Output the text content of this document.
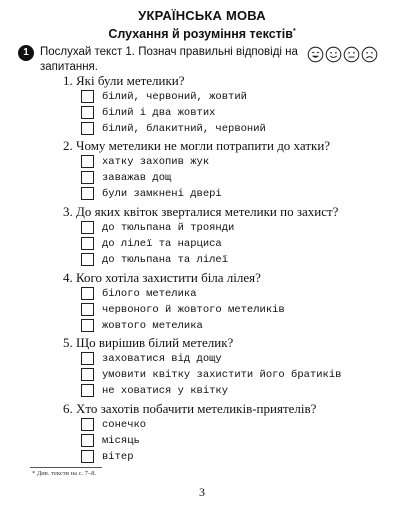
УКРАЇНСЬКА МОВА
Слухання й розуміння текстів*
1 Послухай текст 1. Познач правильні відповіді на запитання.
1. Які були метелики?
білий, червоний, жовтий
білий і два жовтих
білий, блакитний, червоний
2. Чому метелики не могли потрапити до хатки?
хатку захопив жук
заважав дощ
були замкнені двері
3. До яких квіток зверталися метелики по захист?
до тюльпана й троянди
до лілеї та нарциса
до тюльпана та лілеї
4. Кого хотіла захистити біла лілея?
білого метелика
червоного й жовтого метеликів
жовтого метелика
5. Що вирішив білий метелик?
заховатися від дощу
умовити квітку захистити його братиків
не ховатися у квітку
6. Хто захотів побачити метеликів-приятелів?
сонечко
місяць
вітер
* Див. тексти на с. 7–8.
3
